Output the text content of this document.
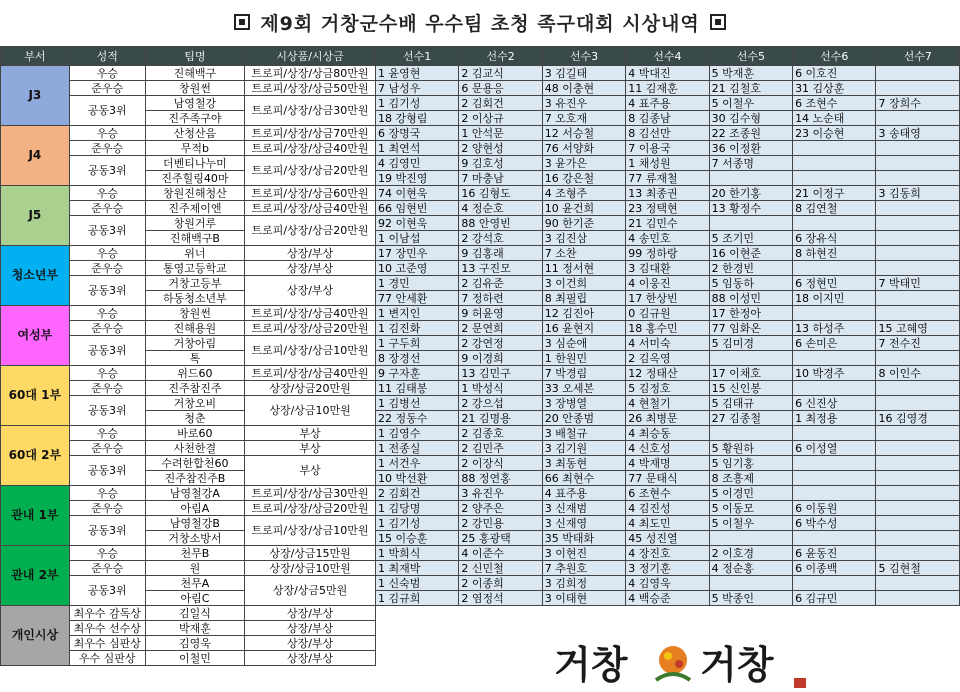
제9회 거창군수배 우수팀 초청 족구대회 시상내역
부서	성적	팀명	시상품/시상금	선수1	선수2	선수3	선수4	선수5	선수6	선수7
J3	우승	진해백구	트로피/상장/상금80만원	1 윤영현	2 김교식	3 김길태	4 박대진	5 박재훈	6 이호진	
	준우승	창원썬	트로피/상장/상금50만원	7 남성우	6 문용응	48 이충현	11 김재훈	21 김철호	31 김상훈	
	공동3위	남영철강	트로피/상장/상금30만원	1 김기성	2 김회건	3 유진우	4 표주용	5 이철우	6 조현수	7 장희수
		진주족구야		18 강형림	2 이상규	7 오호재	8 김종남	30 김수형	14 노순태	
J4	우승	산청산음	트로피/상장/상금70만원	6 장명국	1 안석문	12 서승철	8 김선만	22 조종원	23 이승현	3 송태영
	준우승	무적b	트로피/상장/상금40만원	1 최연석	2 양현성	76 서양화	7 이용국	36 이정환		
	공동3위	더벤티나누미	트로피/상장/상금20만원	4 김영민	9 김호성	3 윤가은	1 채성원	7 서종명		
		진주힐링40마		19 박진영	7 마충남	16 강은철	77 류재철			
J5	우승	창원진해청산	트로피/상장/상금60만원	74 이현욱	16 김형도	4 조형주	13 최종권	20 한기홍	21 이정구	3 김동희
	준우승	진주제이엔	트로피/상장/상금40만원	66 임현빈	4 정순호	10 윤건희	23 정택현	13 황정수	8 김연철	
	공동3위	창원거루	트로피/상장/상금20만원	92 이현욱	88 안영빈	90 한기준	21 김민수			
		진해백구B		1 이남섭	2 강석호	3 김진삼	4 송민호	5 조기민	6 장유식	
청소년부	우승	위너	상장/부상	17 장민우	9 김홍래	7 소찬	99 정하랑	16 이현준	8 하현진	
	준우승	통영고등학교	상장/부상	10 고준영	13 구진모	11 정서현	3 김대환	2 한경빈		
	공동3위	거창고등부	상장/부상	1 경민	2 김유준	3 이건희	4 이웅진	5 임동하	6 정현민	7 박태민
		하동청소년부		77 안세환	7 정하련	8 최필립	17 한상빈	88 이성민	18 이지민	
여성부	우승	창원썬	트로피/상장/상금40만원	1 변지인	9 허윤영	12 김진아	0 김규원	17 한정아		
	준우승	진해용원	트로피/상장/상금20만원	1 김진화	2 문연희	16 윤현지	18 홍수민	77 임화온	13 하성주	15 고혜영
	공동3위	거창아림	트로피/상장/상금10만원	1 구두희	2 강연정	3 심순애	4 서미숙	5 김미경	6 손미은	7 전수진
		톡		8 장경선	9 이경희	1 한원민	2 김옥영			
60대 1부	우승	위드60	트로피/상장/상금40만원	9 구자훈	13 김민구	7 박경림	12 정태산	17 이채호	10 박경주	8 이인수
	준우승	진주참진주	상장/상금20만원	11 김태봉	1 박성식	33 오세본	5 김정호	15 신인봉		
	공동3위	거창오비	상장/상금10만원	1 김병선	2 강으섭	3 장병열	4 현철기	5 김태규	6 신진상	
		청춘		22 정동수	21 김명용	20 안종범	26 최병문	27 김종철	1 최정용	16 김영경
60대 2부	우승	바로60	부상	1 김영수	2 김종호	3 배철규	4 최승동			
	준우승	사천한결	부상	1 전종실	2 김민주	3 김기원	4 신호성	5 황원하	6 이성열	
	공동3위	수려한합천60	부상	1 서건우	2 이장식	3 최동현	4 박재명	5 임기홍		
		진주참진주B		10 박선환	88 정연홍	66 최현수	77 문태식	8 조흥제		
관내 1부	우승	남영철강A	트로피/상장/상금30만원	2 김회건	3 유진우	4 표주용	6 조현수	5 이경민		
	준우승	아림A	트로피/상장/상금20만원	1 김당명	2 양주은	3 신재범	4 김진성	5 이동모	6 이동원	
	공동3위	남영철강B	트로피/상장/상금10만원	1 김기성	2 강민용	3 신재영	4 최도민	5 이철우	6 박수성	
		거창소방서		15 이승훈	25 홍광택	35 박태화	45 성진열			
관내 2부	우승	천무B	상장/상금15만원	1 박희식	4 이준수	3 이현진	4 장진호	2 이호경	6 윤동진	
	준우승	원	상장/상금10만원	1 최재박	2 신민철	7 추원호	3 정기훈	4 정순홍	6 이종백	5 김현철
	공동3위	천무A	상장/상금5만원	1 신숙범	2 이종희	3 김희정	4 김영욱			
		아림C		1 김규희	2 염정석	3 이태현	4 백승준	5 박종인	6 김규민	
개인시상	최우수 감독상	김일식	상장/부상							
	최우수 선수상	박재훈	상장/부상							
	최우수 심판상	김영욱	상장/부상							
	우수 심판상	이철민	상장/부상								거창 거창
